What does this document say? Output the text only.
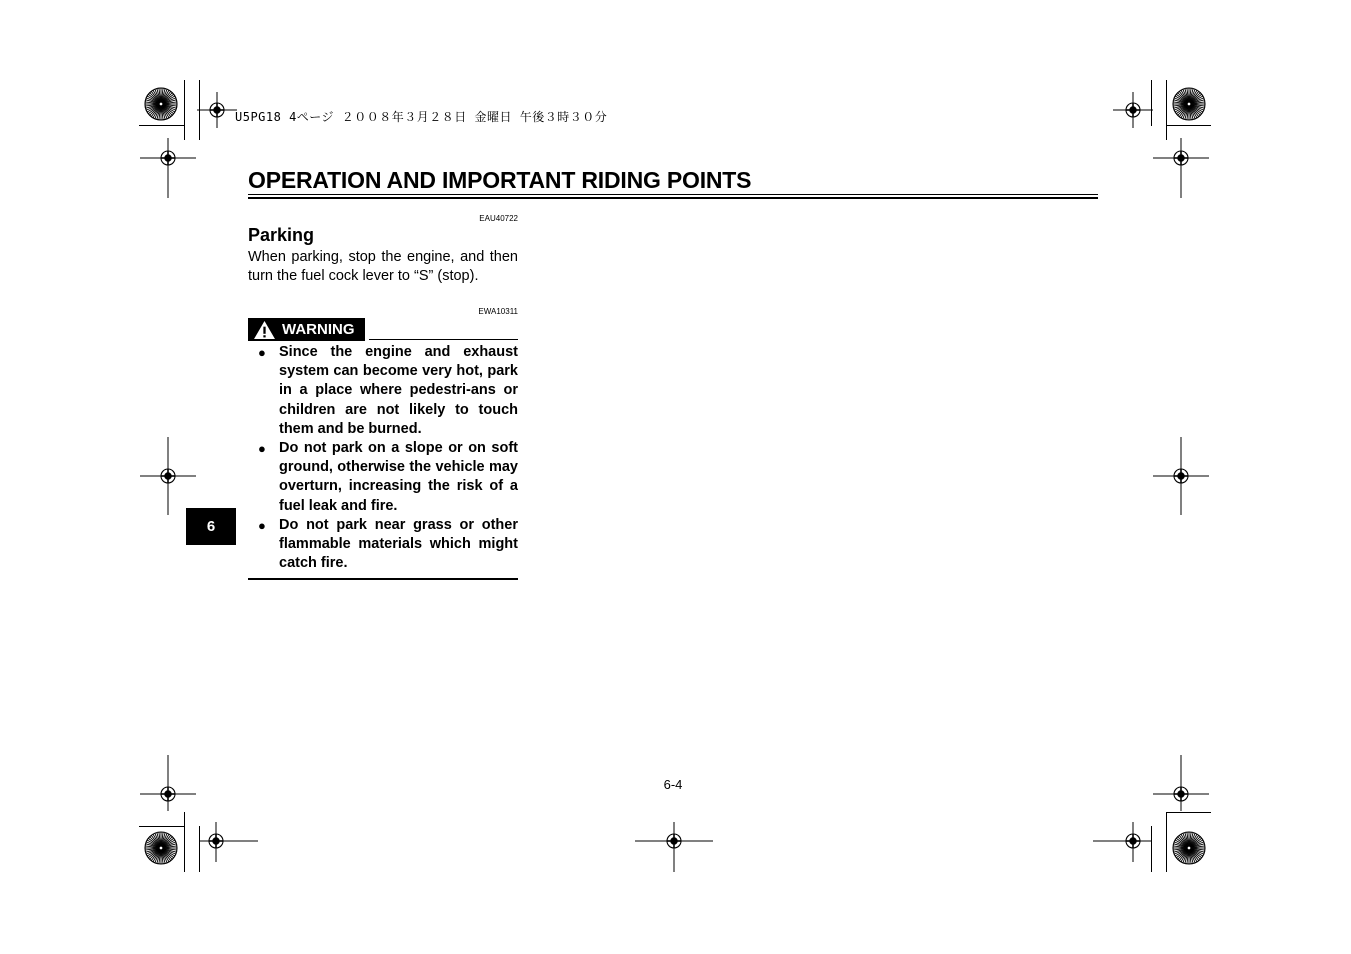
U5PG18 4ページ ２００８年３月２８日 金曜日 午後３時３０分
OPERATION AND IMPORTANT RIDING POINTS
EAU40722
Parking
When parking, stop the engine, and then turn the fuel cock lever to “S” (stop).
EWA10311
WARNING
● Since the engine and exhaust system can become very hot, park in a place where pedestri-ans or children are not likely to touch them and be burned.
● Do not park on a slope or on soft ground, otherwise the vehicle may overturn, increasing the risk of a fuel leak and fire.
● Do not park near grass or other flammable materials which might catch fire.
6
6-4
